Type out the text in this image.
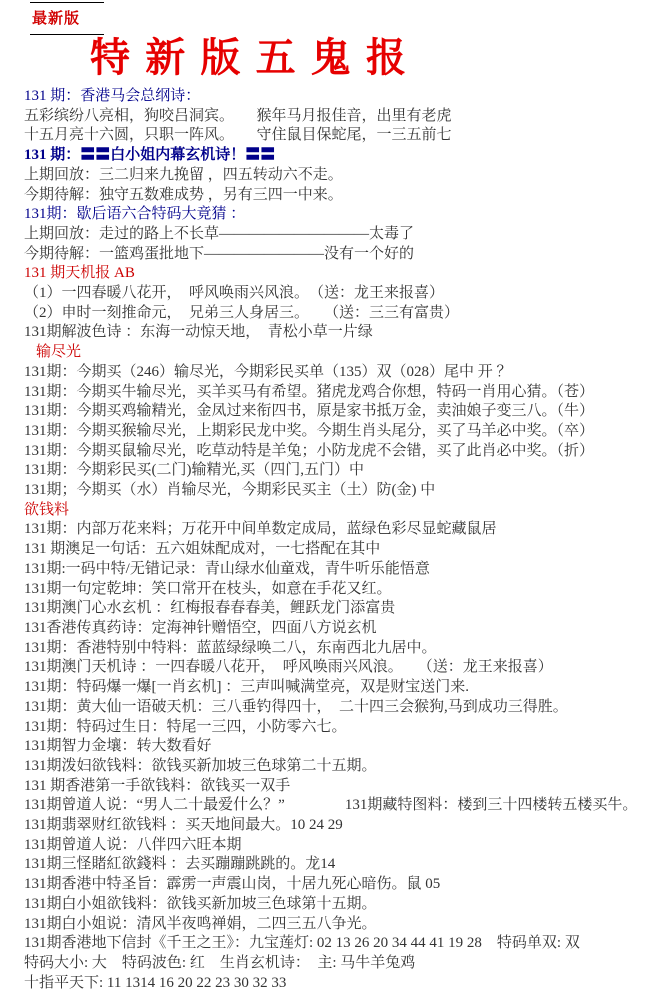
最新版
特新版五鬼报
131 期：香港马会总纲诗：
五彩缤纷八亮相，狗咬吕洞宾。　　猴年马月报佳音，出里有老虎
十五月亮十六圆，只职一阵风。　　守住鼠目保蛇尾，一三五前七
131 期：〓〓白小姐内幕玄机诗！〓〓
上期回放：三二归来九挽留 ，四五转动六不走。
今期待解：独守五数难成势 ，另有三四一中来。
131期：歇后语六合特码大竟猜 ：
上期回放：走过的路上不长草——————————太毒了
今期待解：一篮鸡蛋批地下————————没有一个好的
131 期天机报 AB
（1）一四春暖八花开，　呼风唤雨兴风浪。　（送：龙王来报喜）
（2）申时一刻推命元，　兄弟三人身居三。　　（送：三三有富贵）
131期解波色诗 ：东海一动惊天地，　青松小草一片绿
输尽光
131期：今期买（246）输尽光，今期彩民买单（135）双（028）尾中 开 ？
131期：今期买牛输尽光，买羊买马有希望。猪虎龙鸡合你想，特码一肖用心猜。（苍）
131期：今期买鸡输精光，金凤过来衔四书，原是家书抵万金，卖油娘子变三八。（牛）
131期：今期买猴输尽光，上期彩民龙中奖。今期生肖头尾分，买了马羊必中奖。（卒）
131期：今期买鼠输尽光，吃草动特是羊兔；小防龙虎不会错，买了此肖必中奖。（折）
131期：今期彩民买(二门)输精光,买（四门,五门）中
131期；今期买（水）肖输尽光，今期彩民买主（土）防(金) 中
欲钱料
131期：内部万花来料；万花开中间单数定成局，蓝绿色彩尽显蛇藏鼠居
131 期澳足一句话：五六姐妹配成对，一七搭配在其中
131期:一码中特/无错记录：青山绿水仙童戏，青牛听乐能悟意
131期一句定乾坤：笑口常开在枝头，如意在手花又红。
131期澳门心水玄机 ：红梅报春春春美，鲤跃龙门添富贵
131香港传真药诗：定海神针赠悟空，四面八方说玄机
131期：香港特别中特料：蓝蓝绿绿唤二八，东南西北九居中。
131期澳门天机诗 ：一四春暖八花开，　呼风唤雨兴风浪。　　（送：龙王来报喜）
131期：特码爆一爆[一肖玄机] ：三声叫喊满堂亮，双是财宝送门来.
131期：黄大仙一语破天机：三八垂钓得四十，　二十四三会猴狗,马到成功三得胜。
131期：特码过生日：特尾一三四，小防零六七。
131期智力金壤：转大数看好
131期泼妇欲钱料：欲钱买新加坡三色球第二十五期。
131 期香港第一手欲钱料：欲钱买一双手
131期曾道人说：“男人二十最爱什么？”　　　　131期藏特图料：楼到三十四楼转五楼买牛。
131期翡翠财红欲钱料 ：买天地间最大。10 24 29
131期曾道人说：八伴四六旺本期
131期三怪賭紅欲錢料 ：去买蹦蹦跳跳的。龙14
131期香港中特圣旨：霹雳一声震山岗，十居九死心暗伤。鼠 05
131期白小姐欲钱料：欲钱买新加坡三色球第十五期。
131期白小姐说：清风半夜鸣禅娟，二四三五八争光。
131期香港地下信封《千王之王》：九宝莲灯: 02 13 26 20 34 44 41 19 28　特码单双: 双
特码大小: 大　特码波色: 红　生肖玄机诗：　主: 马牛羊兔鸡
十指平天下: 11 1314 16 20 22 23 30 32 33
